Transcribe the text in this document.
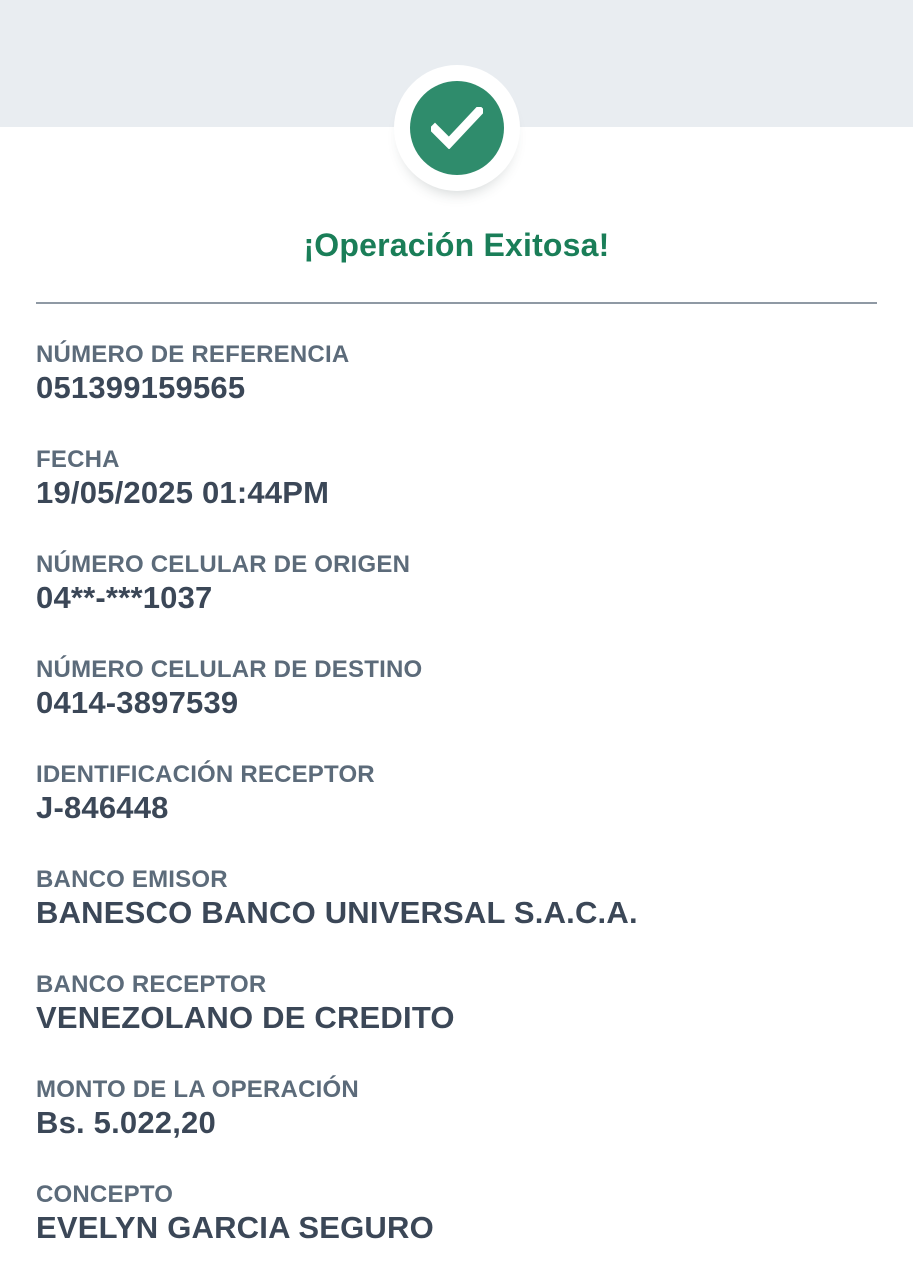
¡Operación Exitosa!
NÚMERO DE REFERENCIA
051399159565
FECHA
19/05/2025 01:44PM
NÚMERO CELULAR DE ORIGEN
04**-***1037
NÚMERO CELULAR DE DESTINO
0414-3897539
IDENTIFICACIÓN RECEPTOR
J-846448
BANCO EMISOR
BANESCO BANCO UNIVERSAL S.A.C.A.
BANCO RECEPTOR
VENEZOLANO DE CREDITO
MONTO DE LA OPERACIÓN
Bs. 5.022,20
CONCEPTO
EVELYN GARCIA SEGURO
